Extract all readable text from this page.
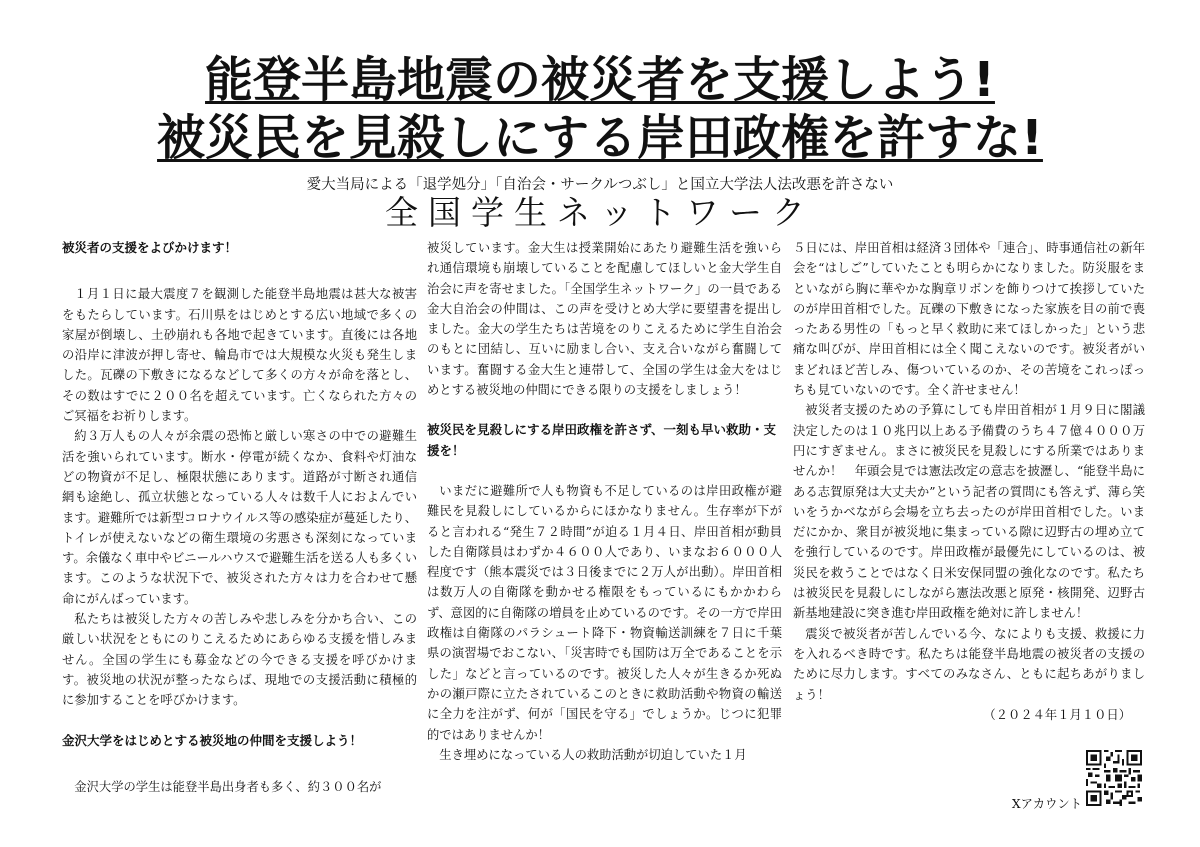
能登半島地震の被災者を支援しよう!
被災民を見殺しにする岸田政権を許すな!
愛大当局による「退学処分」「自治会・サークルつぶし」と国立大学法人法改悪を許さない
全国学生ネットワーク
被災者の支援をよびかけます！

１月１日に最大震度７を観測した能登半島地震は甚大な被害をもたらしています。石川県をはじめとする広い地域で多くの家屋が倒壊し、土砂崩れも各地で起きています。直後には各地の沿岸に津波が押し寄せ、輪島市では大規模な火災も発生しました。瓦礫の下敷きになるなどして多くの方々が命を落とし、その数はすでに２００名を超えています。亡くなられた方々のご冥福をお祈りします。

約３万人もの人々が余震の恐怖と厳しい寒さの中での避難生活を強いられています。断水・停電が続くなか、食料や灯油などの物資が不足し、極限状態にあります。道路が寸断され通信網も途絶し、孤立状態となっている人々は数千人におよんでいます。避難所では新型コロナウイルス等の感染症が蔓延したり、トイレが使えないなどの衛生環境の劣悪さも深刻になっています。余儀なく車中やビニールハウスで避難生活を送る人も多くいます。このような状況下で、被災された方々は力を合わせて懸命にがんばっています。

私たちは被災した方々の苦しみや悲しみを分かち合い、この厳しい状況をともにのりこえるためにあらゆる支援を惜しみません。全国の学生にも募金などの今できる支援を呼びかけます。被災地の状況が整ったならば、現地での支援活動に積極的に参加することを呼びかけます。

金沢大学をはじめとする被災地の仲間を支援しよう！

金沢大学の学生は能登半島出身者も多く、約３００名が

被災しています。金大生は授業開始にあたり避難生活を強いられ通信環境も崩壊していることを配慮してほしいと金大学生自治会に声を寄せました。「全国学生ネットワーク」の一員である金大自治会の仲間は、この声を受けとめ大学に要望書を提出しました。金大の学生たちは苦境をのりこえるために学生自治会のもとに団結し、互いに励まし合い、支え合いながら奮闘しています。奮闘する金大生と連帯して、全国の学生は金大をはじめとする被災地の仲間にできる限りの支援をしましょう！

被災民を見殺しにする岸田政権を許さず、一刻も早い救助・支援を！

いまだに避難所で人も物資も不足しているのは岸田政権が避難民を見殺しにしているからにほかなりません。生存率が下がると言われる“発生７２時間”が迫る１月４日、岸田首相が動員した自衛隊員はわずか４６００人であり、いまなお６０００人程度です（熊本震災では３日後までに２万人が出動）。岸田首相は数万人の自衛隊を動かせる権限をもっているにもかかわらず、意図的に自衛隊の増員を止めているのです。その一方で岸田政権は自衛隊のパラシュート降下・物資輸送訓練を７日に千葉県の演習場でおこない、「災害時でも国防は万全であることを示した」などと言っているのです。被災した人々が生きるか死ぬかの瀬戸際に立たされているこのときに救助活動や物資の輸送に全力を注がず、何が「国民を守る」でしょうか。じつに犯罪的ではありませんか！

生き埋めになっている人の救助活動が切迫していた１月

５日には、岸田首相は経済３団体や「連合」、時事通信社の新年会を“はしご”していたことも明らかになりました。防災服をまといながら胸に華やかな胸章リボンを飾りつけて挨拶していたのが岸田首相でした。瓦礫の下敷きになった家族を目の前で喪ったある男性の「もっと早く救助に来てほしかった」という悲痛な叫びが、岸田首相には全く聞こえないのです。被災者がいまどれほど苦しみ、傷ついているのか、その苦境をこれっぽっちも見ていないのです。全く許せません！

被災者支援のための予算にしても岸田首相が１月９日に閣議決定したのは１０兆円以上ある予備費のうち４７億４０００万円にすぎません。まさに被災民を見殺しにする所業ではありませんか！　年頭会見では憲法改定の意志を披瀝し、“能登半島にある志賀原発は大丈夫か”という記者の質問にも答えず、薄ら笑いをうかべながら会場を立ち去ったのが岸田首相でした。いまだにかか、衆目が被災地に集まっている隙に辺野古の埋め立てを強行しているのです。岸田政権が最優先にしているのは、被災民を救うことではなく日米安保同盟の強化なのです。私たちは被災民を見殺しにしながら憲法改悪と原発・核開発、辺野古新基地建設に突き進む岸田政権を絶対に許しません！

震災で被災者が苦しんでいる今、なによりも支援、救援に力を入れるべき時です。私たちは能登半島地震の被災者の支援のために尽力します。すべてのみなさん、ともに起ちあがりましょう！

（２０２４年１月１０日）
Xアカウント
